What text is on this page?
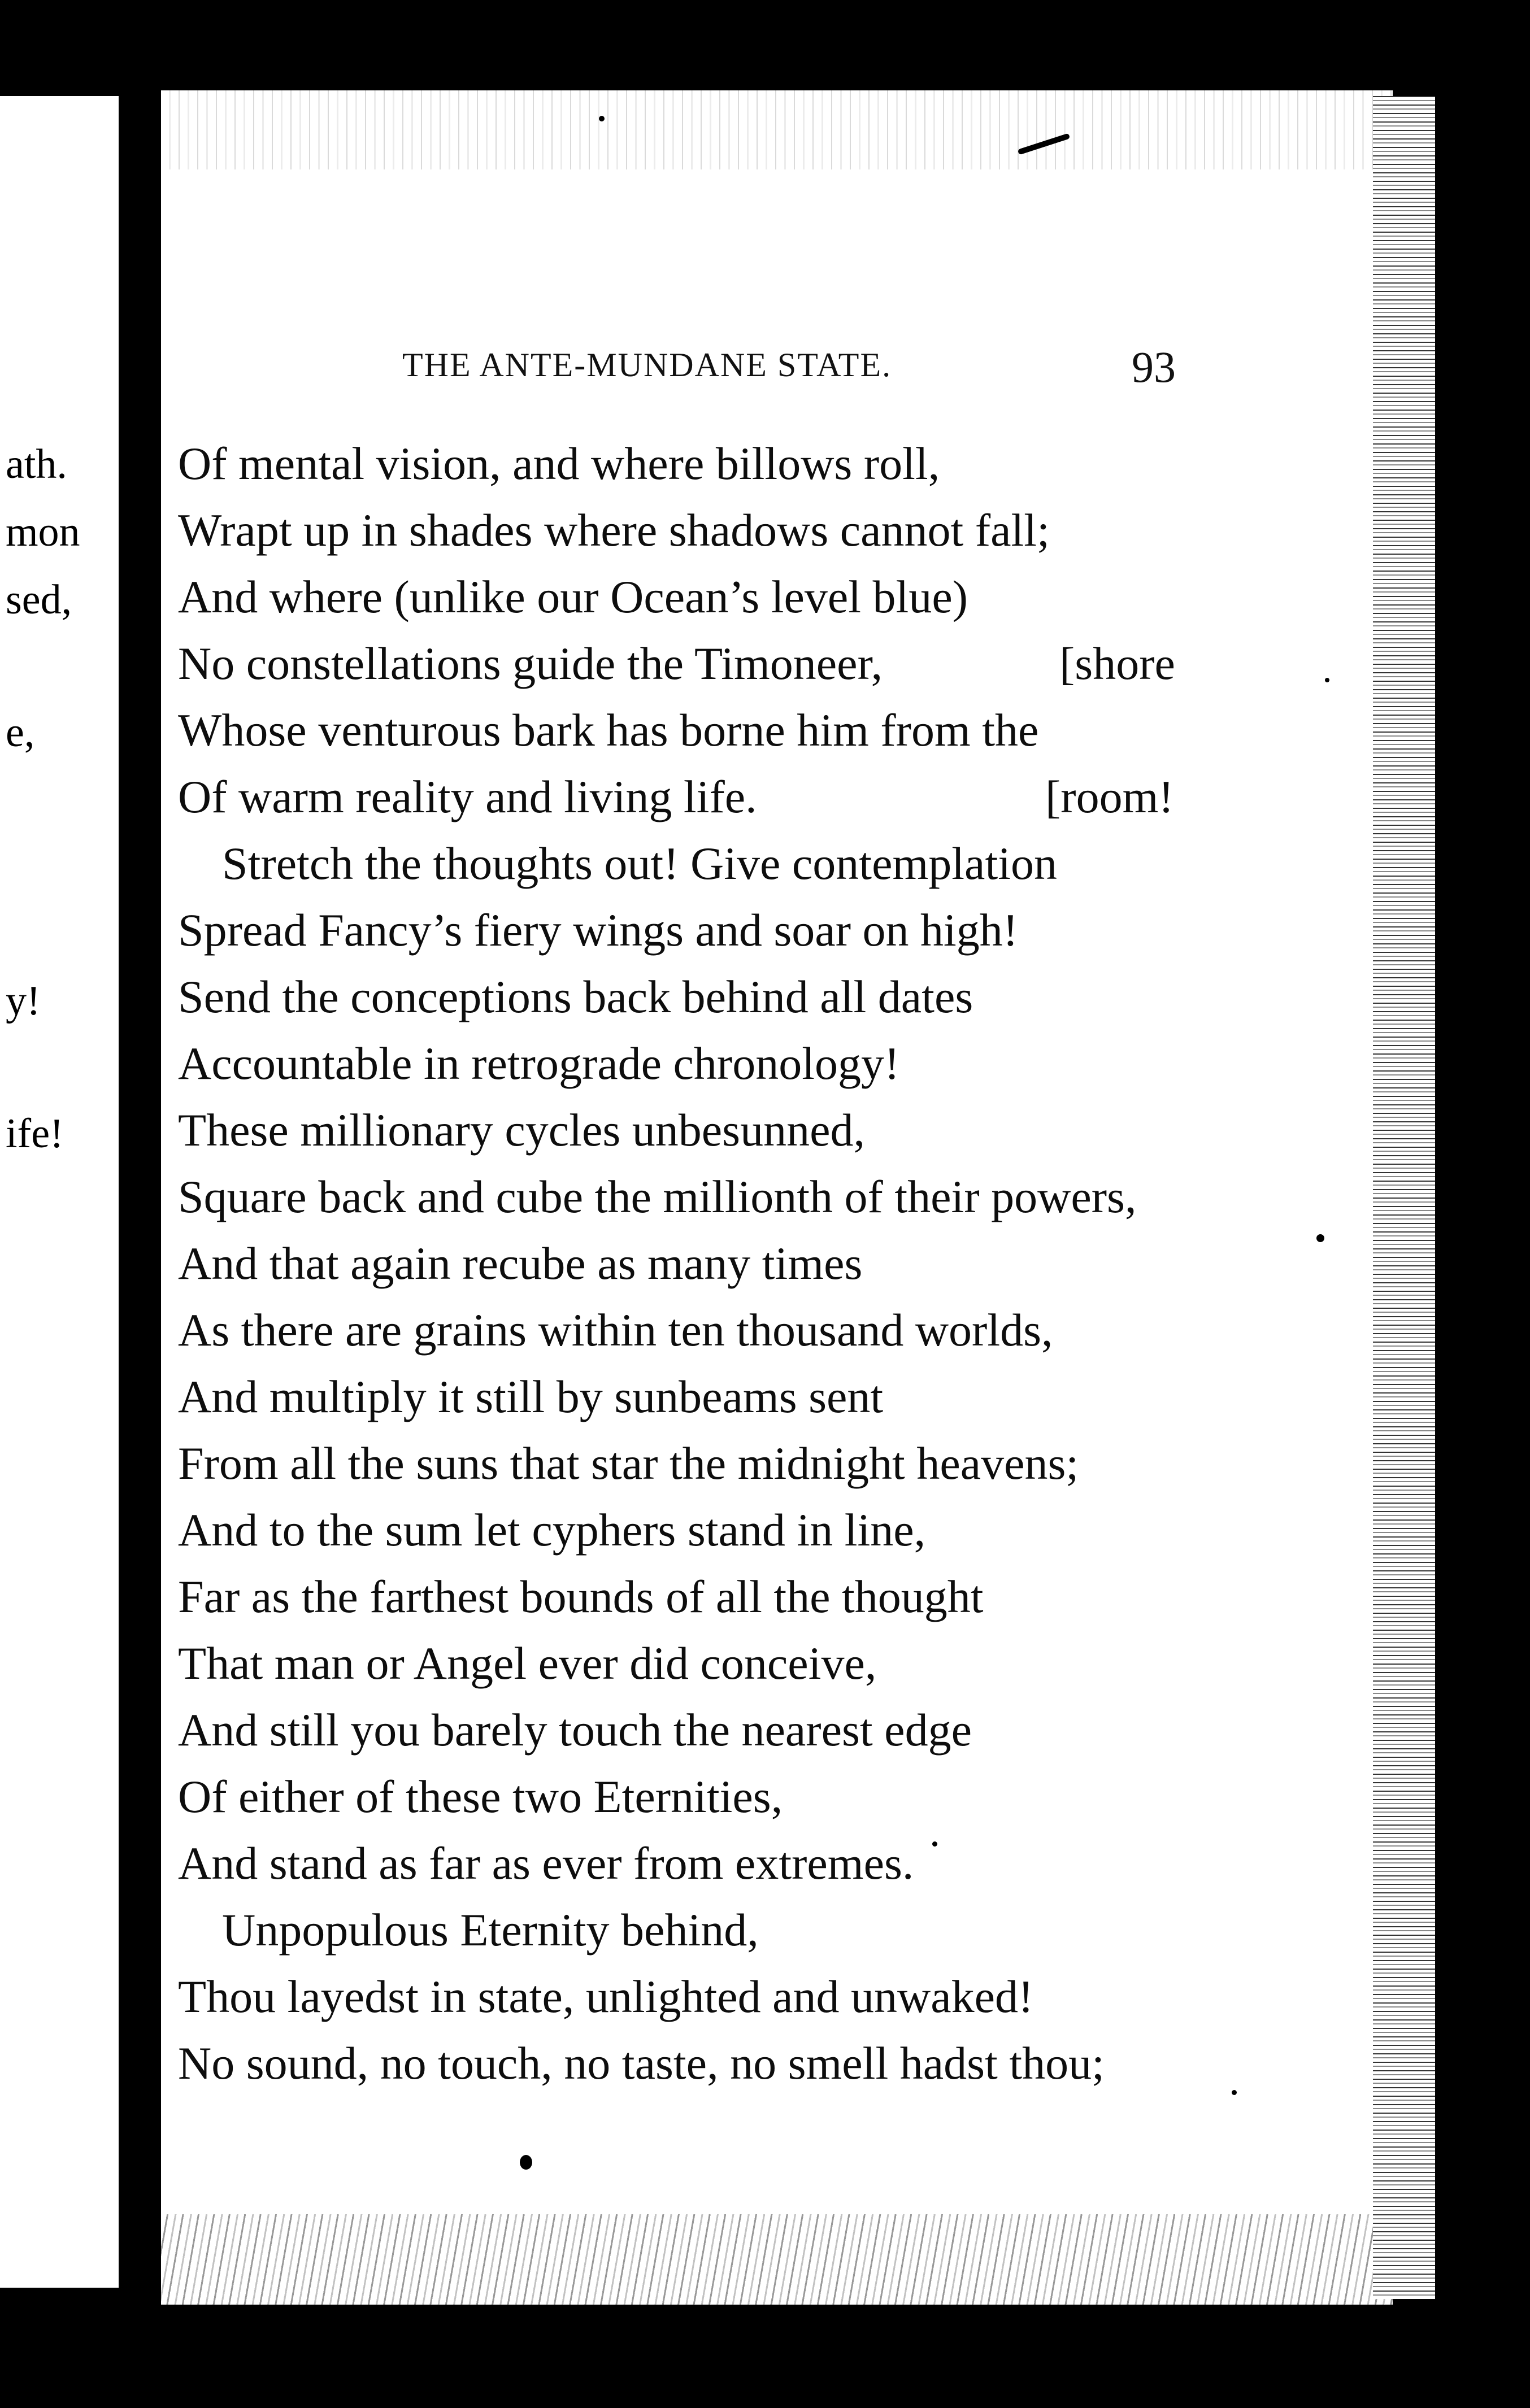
ath.
mon
sed,
e,
y!
ife!
THE ANTE-MUNDANE STATE.	93
Of mental vision, and where billows roll,
Wrapt up in shades where shadows cannot fall;
And where (unlike our Ocean’s level blue)
No constellations guide the Timoneer,
Whose venturous bark has borne him from the
Of warm reality and living life.
Stretch the thoughts out! Give contemplation
Spread Fancy’s fiery wings and soar on high!
Send the conceptions back behind all dates
Accountable in retrograde chronology!
These millionary cycles unbesunned,
Square back and cube the millionth of their powers,
And that again recube as many times
As there are grains within ten thousand worlds,
And multiply it still by sunbeams sent
From all the suns that star the midnight heavens;
And to the sum let cyphers stand in line,
Far as the farthest bounds of all the thought
That man or Angel ever did conceive,
And still you barely touch the nearest edge
Of either of these two Eternities,
And stand as far as ever from extremes.
Unpopulous Eternity behind,
Thou layedst in state, unlighted and unwaked!
No sound, no touch, no taste, no smell hadst thou;
[shore
[room!
